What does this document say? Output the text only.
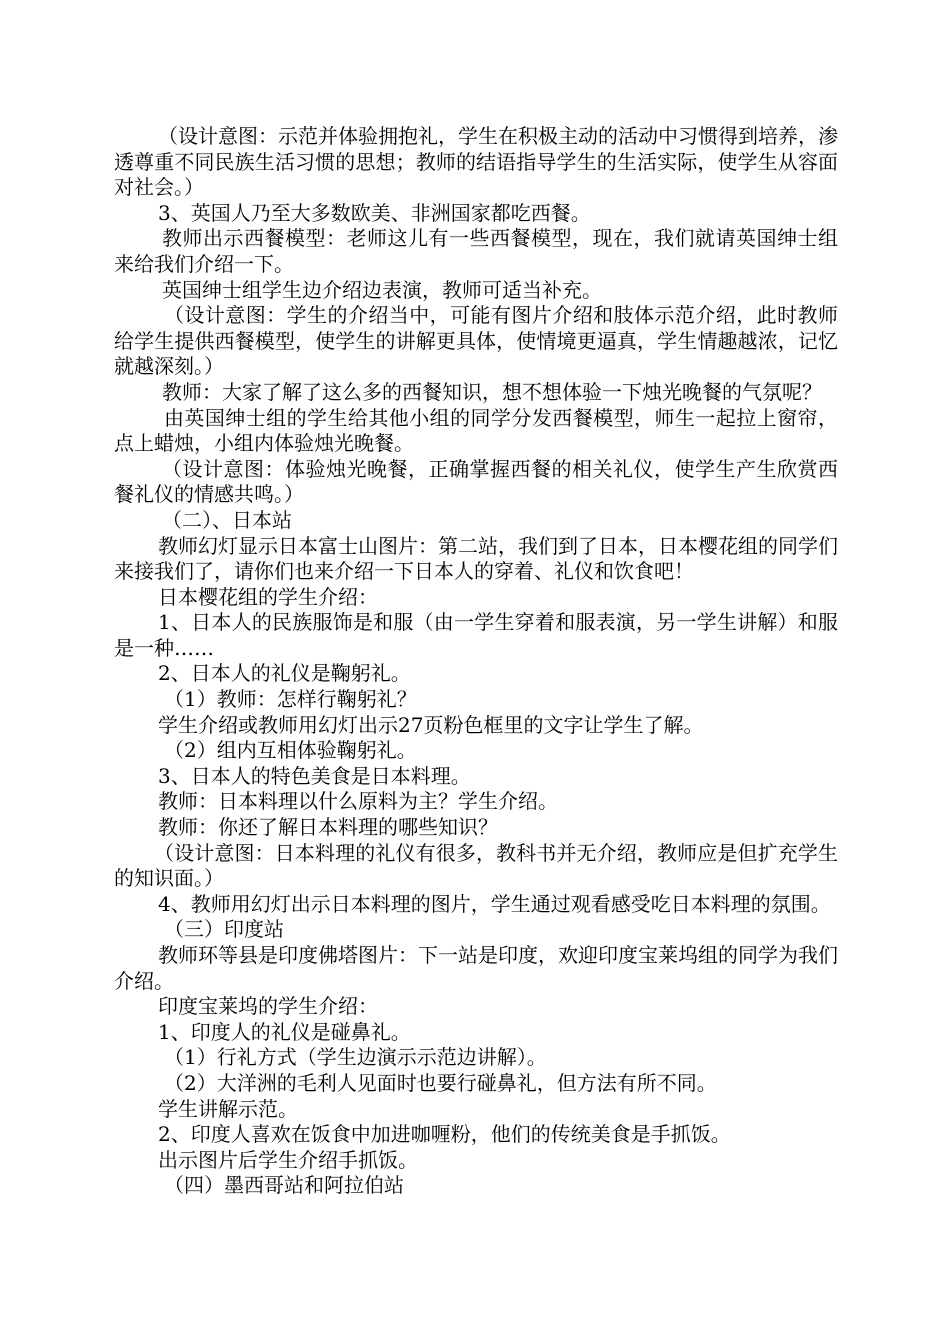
（设计意图：示范并体验拥抱礼，学生在积极主动的活动中习惯得到培养，渗透尊重不同民族生活习惯的思想；教师的结语指导学生的生活实际，使学生从容面对社会。）

3、英国人乃至大多数欧美、非洲国家都吃西餐。

教师出示西餐模型：老师这儿有一些西餐模型，现在，我们就请英国绅士组来给我们介绍一下。

英国绅士组学生边介绍边表演，教师可适当补充。

（设计意图：学生的介绍当中，可能有图片介绍和肢体示范介绍，此时教师给学生提供西餐模型，使学生的讲解更具体，使情境更逼真，学生情趣越浓，记忆就越深刻。）

教师：大家了解了这么多的西餐知识，想不想体验一下烛光晚餐的气氛呢？

由英国绅士组的学生给其他小组的同学分发西餐模型，师生一起拉上窗帘，点上蜡烛，小组内体验烛光晚餐。

（设计意图：体验烛光晚餐，正确掌握西餐的相关礼仪，使学生产生欣赏西餐礼仪的情感共鸣。）

（二）、日本站

教师幻灯显示日本富士山图片：第二站，我们到了日本，日本樱花组的同学们来接我们了，请你们也来介绍一下日本人的穿着、礼仪和饮食吧！

日本樱花组的学生介绍：

1、日本人的民族服饰是和服（由一学生穿着和服表演，另一学生讲解）和服是一种……

2、日本人的礼仪是鞠躬礼。

（1）教师：怎样行鞠躬礼？

学生介绍或教师用幻灯出示27页粉色框里的文字让学生了解。

（2）组内互相体验鞠躬礼。

3、日本人的特色美食是日本料理。

教师：日本料理以什么原料为主？学生介绍。

教师：你还了解日本料理的哪些知识？

（设计意图：日本料理的礼仪有很多，教科书并无介绍，教师应是但扩充学生的知识面。）

4、教师用幻灯出示日本料理的图片，学生通过观看感受吃日本料理的氛围。

（三）印度站

教师环等县是印度佛塔图片：下一站是印度，欢迎印度宝莱坞组的同学为我们介绍。

印度宝莱坞的学生介绍：

1、印度人的礼仪是碰鼻礼。

（1）行礼方式（学生边演示示范边讲解）。

（2）大洋洲的毛利人见面时也要行碰鼻礼，但方法有所不同。

学生讲解示范。

2、印度人喜欢在饭食中加进咖喱粉，他们的传统美食是手抓饭。

出示图片后学生介绍手抓饭。

（四）墨西哥站和阿拉伯站
